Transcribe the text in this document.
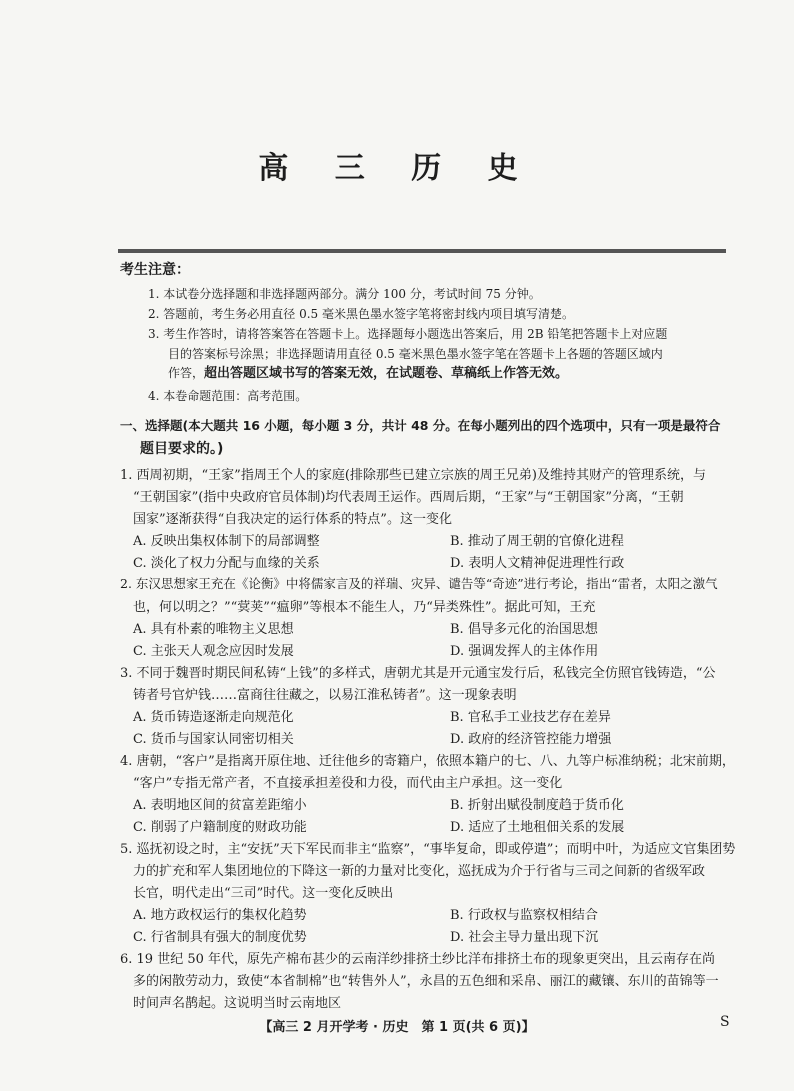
高 三 历 史
考生注意：
1. 本试卷分选择题和非选择题两部分。满分 100 分，考试时间 75 分钟。
2. 答题前，考生务必用直径 0.5 毫米黑色墨水签字笔将密封线内项目填写清楚。
3. 考生作答时，请将答案答在答题卡上。选择题每小题选出答案后，用 2B 铅笔把答题卡上对应题
目的答案标号涂黑；非选择题请用直径 0.5 毫米黑色墨水签字笔在答题卡上各题的答题区域内
作答，超出答题区域书写的答案无效，在试题卷、草稿纸上作答无效。
4. 本卷命题范围：高考范围。
一、选择题(本大题共 16 小题，每小题 3 分，共计 48 分。在每小题列出的四个选项中，只有一项是最符合
题目要求的。)
1. 西周初期，“王家”指周王个人的家庭(排除那些已建立宗族的周王兄弟)及维持其财产的管理系统，与
“王朝国家”(指中央政府官员体制)均代表周王运作。西周后期，“王家”与“王朝国家”分离，“王朝
国家”逐渐获得“自我决定的运行体系的特点”。这一变化
A. 反映出集权体制下的局部调整	B. 推动了周王朝的官僚化进程
C. 淡化了权力分配与血缘的关系	D. 表明人文精神促进理性行政
2. 东汉思想家王充在《论衡》中将儒家言及的祥瑞、灾异、谴告等“奇迹”进行考论，指出“雷者，太阳之激气
也，何以明之？”“蓂荚”“瘟卵”等根本不能生人，乃“异类殊性”。据此可知，王充
A. 具有朴素的唯物主义思想	B. 倡导多元化的治国思想
C. 主张天人观念应因时发展	D. 强调发挥人的主体作用
3. 不同于魏晋时期民间私铸“上钱”的多样式，唐朝尤其是开元通宝发行后，私钱完全仿照官钱铸造，“公
铸者号官炉钱……富商往往藏之，以易江淮私铸者”。这一现象表明
A. 货币铸造逐渐走向规范化	B. 官私手工业技艺存在差异
C. 货币与国家认同密切相关	D. 政府的经济管控能力增强
4. 唐朝，“客户”是指离开原住地、迁往他乡的寄籍户，依照本籍户的七、八、九等户标准纳税；北宋前期，
“客户”专指无常产者，不直接承担差役和力役，而代由主户承担。这一变化
A. 表明地区间的贫富差距缩小	B. 折射出赋役制度趋于货币化
C. 削弱了户籍制度的财政功能	D. 适应了土地租佃关系的发展
5. 巡抚初设之时，主“安抚”天下军民而非主“监察”，“事毕复命，即或停遣”；而明中叶，为适应文官集团势
力的扩充和军人集团地位的下降这一新的力量对比变化，巡抚成为介于行省与三司之间新的省级军政
长官，明代走出“三司”时代。这一变化反映出
A. 地方政权运行的集权化趋势	B. 行政权与监察权相结合
C. 行省制具有强大的制度优势	D. 社会主导力量出现下沉
6. 19 世纪 50 年代，原先产棉布甚少的云南洋纱排挤土纱比洋布排挤土布的现象更突出，且云南存在尚
多的闲散劳动力，致使“本省制棉”也“转售外人”，永昌的五色细和采帛、丽江的藏镶、东川的苗锦等一
时间声名鹊起。这说明当时云南地区
【高三 2 月开学考 · 历史　第 1 页(共 6 页)】	S
